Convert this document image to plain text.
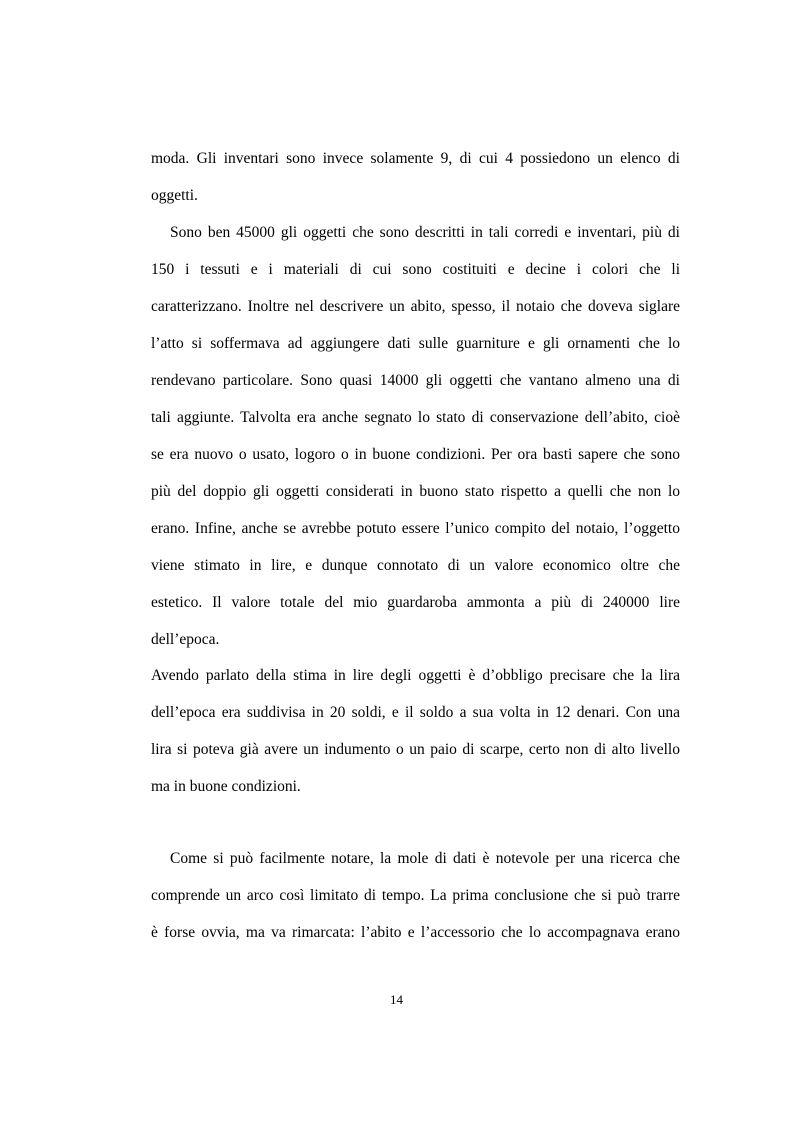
moda. Gli inventari sono invece solamente 9, di cui 4 possiedono un elenco di
oggetti.
Sono ben 45000 gli oggetti che sono descritti in tali corredi e inventari, più di
150 i tessuti e i materiali di cui sono costituiti e decine i colori che li
caratterizzano. Inoltre nel descrivere un abito, spesso, il notaio che doveva siglare
l’atto si soffermava ad aggiungere dati sulle guarniture e gli ornamenti che lo
rendevano particolare. Sono quasi 14000 gli oggetti che vantano almeno una di
tali aggiunte. Talvolta era anche segnato lo stato di conservazione dell’abito, cioè
se era nuovo o usato, logoro o in buone condizioni. Per ora basti sapere che sono
più del doppio gli oggetti considerati in buono stato rispetto a quelli che non lo
erano. Infine, anche se avrebbe potuto essere l’unico compito del notaio, l’oggetto
viene stimato in lire, e dunque connotato di un valore economico oltre che
estetico. Il valore totale del mio guardaroba ammonta a più di 240000 lire
dell’epoca.
Avendo parlato della stima in lire degli oggetti è d’obbligo precisare che la lira
dell’epoca era suddivisa in 20 soldi, e il soldo a sua volta in 12 denari. Con una
lira si poteva già avere un indumento o un paio di scarpe, certo non di alto livello
ma in buone condizioni.
Come si può facilmente notare, la mole di dati è notevole per una ricerca che
comprende un arco così limitato di tempo. La prima conclusione che si può trarre
è forse ovvia, ma va rimarcata: l’abito e l’accessorio che lo accompagnava erano
14
